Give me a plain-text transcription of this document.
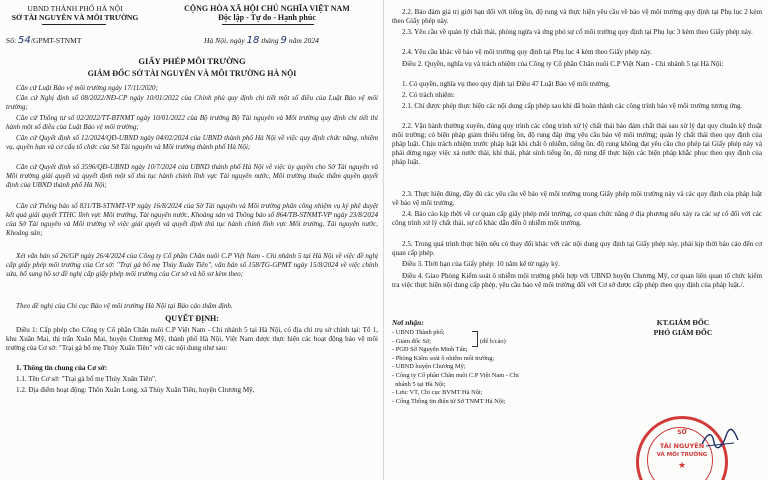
UBND THÀNH PHỐ HÀ NỘI
SỞ TÀI NGUYÊN VÀ MÔI TRƯỜNG
CỘNG HÒA XÃ HỘI CHỦ NGHĨA VIỆT NAM
Độc lập - Tự do - Hạnh phúc
Số: 54/GPMT-STNMT	Hà Nội, ngày 18 tháng 9 năm 2024
GIẤY PHÉP MÔI TRƯỜNG
GIÁM ĐỐC SỞ TÀI NGUYÊN VÀ MÔI TRƯỜNG HÀ NỘI
Căn cứ Luật Bảo vệ môi trường ngày 17/11/2020;
Căn cứ Nghị định số 08/2022/NĐ-CP ngày 10/01/2022 của Chính phủ quy định chi tiết một số điều của Luật Bảo vệ môi trường;
Căn cứ Thông tư số 02/2022/TT-BTNMT ngày 10/01/2022 của Bộ trưởng Bộ Tài nguyên và Môi trường quy định chi tiết thi hành một số điều của Luật Bảo vệ môi trường;
Căn cứ Quyết định số 12/2024/QĐ-UBND ngày 04/02/2024 của UBND thành phố Hà Nội về việc quy định chức năng, nhiệm vụ, quyền hạn và cơ cấu tổ chức của Sở Tài nguyên và Môi trường thành phố Hà Nội;
Căn cứ Quyết định số 3596/QĐ-UBND ngày 10/7/2024 của UBND thành phố Hà Nội về việc ủy quyền cho Sở Tài nguyên và Môi trường giải quyết và quyết định một số thủ tục hành chính lĩnh vực Tài nguyên nước, Môi trường thuộc thẩm quyền quyết định của UBND thành phố Hà Nội;
Căn cứ Thông báo số 831/TB-STNMT-VP ngày 16/8/2024 của Sở Tài nguyên và Môi trường phân công nhiệm vụ ký phê duyệt kết quả giải quyết TTHC lĩnh vực Môi trường, Tài nguyên nước, Khoáng sản và Thông báo số 864/TB-STNMT-VP ngày 23/8/2024 của Sở Tài nguyên và Môi trường về việc giải quyết và quyết định thủ tục hành chính lĩnh vực Môi trường, Tài nguyên nước, Khoáng sản;
Xét văn bản số 26/GP ngày 26/4/2024 của Công ty Cổ phần Chăn nuôi C.P Việt Nam - Chi nhánh 5 tại Hà Nội về việc đề nghị cấp giấy phép môi trường của Cơ sở: "Trại gà bố mẹ Thủy Xuân Tiên", văn bản số 158/TG-GPMT ngày 15/8/2024 về việc chỉnh sửa, bổ sung hồ sơ đề nghị cấp giấy phép môi trường của Cơ sở và hồ sơ kèm theo;
Theo đề nghị của Chi cục Bảo vệ môi trường Hà Nội tại Báo cáo thẩm định.
QUYẾT ĐỊNH:
Điều 1: Cấp phép cho Công ty Cổ phần Chăn nuôi C.P Việt Nam - Chi nhánh 5 tại Hà Nội, có địa chỉ trụ sở chính tại: Tổ 1, khu Xuân Mai, thị trấn Xuân Mai, huyện Chương Mỹ, thành phố Hà Nội, Việt Nam được thực hiện các hoạt động bảo vệ môi trường của Cơ sở: "Trại gà bố mẹ Thủy Xuân Tiên" với các nội dung như sau:
1. Thông tin chung của Cơ sở:
1.1. Tên Cơ sở: "Trại gà bố mẹ Thủy Xuân Tiên".
1.2. Địa điểm hoạt động: Thôn Xuân Long, xã Thủy Xuân Tiên, huyện Chương Mỹ,
2.2. Bảo đảm giá trị giới hạn đối với tiếng ồn, độ rung và thực hiện yêu cầu về bảo vệ môi trường quy định tại Phụ lục 2 kèm theo Giấy phép này.
2.3. Yêu cầu về quản lý chất thải, phòng ngừa và ứng phó sự cố môi trường quy định tại Phụ lục 3 kèm theo Giấy phép này.
2.4. Yêu cầu khác về bảo vệ môi trường quy định tại Phụ lục 4 kèm theo Giấy phép này.
Điều 2. Quyền, nghĩa vụ và trách nhiệm của Công ty Cổ phần Chăn nuôi C.P Việt Nam - Chi nhánh 5 tại Hà Nội:
1. Có quyền, nghĩa vụ theo quy định tại Điều 47 Luật Bảo vệ môi trường.
2. Có trách nhiệm:
2.1. Chỉ được phép thực hiện các nội dung cấp phép sau khi đã hoàn thành các công trình bảo vệ môi trường tương ứng.
2.2. Vận hành thường xuyên, đúng quy trình các công trình xử lý chất thải bảo đảm chất thải sau xử lý đạt quy chuẩn kỹ thuật môi trường; có biện pháp giảm thiểu tiếng ồn, độ rung đáp ứng yêu cầu bảo vệ môi trường; quản lý chất thải theo quy định của pháp luật. Chịu trách nhiệm trước pháp luật khi chất ô nhiễm, tiếng ồn, độ rung không đạt yêu cầu cho phép tại Giấy phép này và phải dừng ngay việc xả nước thải, khí thải, phát sinh tiếng ồn, độ rung để thực hiện các biện pháp khắc phục theo quy định của pháp luật.
2.3. Thực hiện đúng, đầy đủ các yêu cầu về bảo vệ môi trường trong Giấy phép môi trường này và các quy định của pháp luật về bảo vệ môi trường.
2.4. Báo cáo kịp thời về cơ quan cấp giấy phép môi trường, cơ quan chức năng ở địa phương nếu xảy ra các sự cố đối với các công trình xử lý chất thải, sự cố khác dẫn đến ô nhiễm môi trường.
2.5. Trong quá trình thực hiện nếu có thay đổi khác với các nội dung quy định tại Giấy phép này, phải kịp thời báo cáo đến cơ quan cấp phép.
Điều 3. Thời hạn của Giấy phép: 10 năm kể từ ngày ký.
Điều 4. Giao Phòng Kiểm soát ô nhiễm môi trường phối hợp với UBND huyện Chương Mỹ, cơ quan liên quan tổ chức kiểm tra việc thực hiện nội dung cấp phép, yêu cầu bảo vệ môi trường đối với Cơ sở được cấp phép theo quy định của pháp luật./.
Nơi nhận:
- UBND Thành phố;
- Giám đốc Sở;
- PGĐ Sở Nguyễn Minh Tấn;
- Phòng Kiểm soát ô nhiễm môi trường;
- UBND huyện Chương Mỹ;
- Công ty Cổ phần Chăn nuôi C.P Việt Nam - Chi
nhánh 5 tại Hà Nội;
- Lưu: VT, Chi cục BVMT Hà Nội;
- Cổng Thông tin điện tử Sở TNMT Hà Nội;
(để b/cáo)
KT.GIÁM ĐỐC
PHÓ GIÁM ĐỐC
SỞ
TÀI NGUYÊN
VÀ MÔI TRƯỜNG
★
